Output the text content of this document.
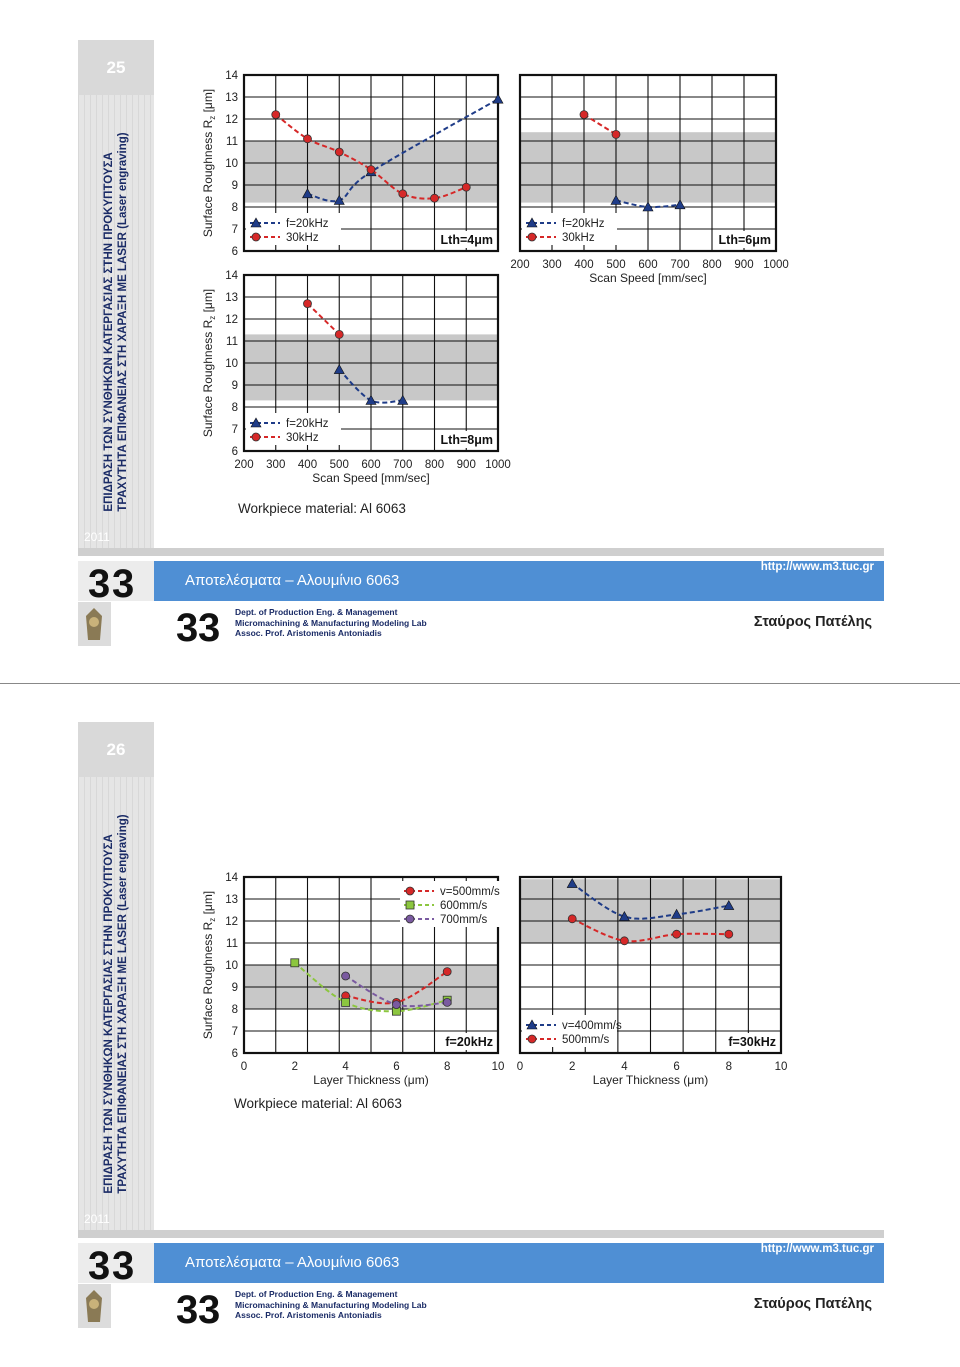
25
ΕΠΙΔΡΑΣΗ ΤΩΝ ΣΥΝΘΗΚΩΝ ΚΑΤΕΡΓΑΣΙΑΣ ΣΤΗΝ ΠΡΟΚΥΠΤΟΥΣΑ ΤΡΑΧΥΤΗΤΑ ΕΠΙΦΑΝΕΙΑΣ ΣΤΗ ΧΑΡΑΞΗ ΜΕ LASER (Laser engraving)
2011
6
7
8
9
10
11
12
13
14
Surface Roughness $R_z$ [μm]
f=20kHz
30kHz	Lth=4μm
200 300 400 500 600 700 800 900 1000
Scan Speed [mm/sec]
f=20kHz
30kHz	Lth=6μm
6
7
8
9
10
11
12
13
14
Surface Roughness $R_z$ [μm]
200 300 400 500 600 700 800 900 1000
Scan Speed [mm/sec]
f=20kHz
30kHz	Lth=8μm
Workpiece material: Al 6063
3 3	Αποτελέσματα – Αλουμίνιο 6063
http://www.m3.tuc.gr
3 3 Dept. of Production Eng. & Management
Micromachining & Manufacturing Modeling Lab
Assoc. Prof. Aristomenis Antoniadis
Σταύρος Πατέλης
26
ΕΠΙΔΡΑΣΗ ΤΩΝ ΣΥΝΘΗΚΩΝ ΚΑΤΕΡΓΑΣΙΑΣ ΣΤΗΝ ΠΡΟΚΥΠΤΟΥΣΑ ΤΡΑΧΥΤΗΤΑ ΕΠΙΦΑΝΕΙΑΣ ΣΤΗ ΧΑΡΑΞΗ ΜΕ LASER (Laser engraving)
2011
6
7
8
9
10
11
12
13
14
Surface Roughness $R_z$ [μm]
0	2	4	6	8	10
Layer Thickness (μm)
v=500mm/s
600mm/s
700mm/s
f=20kHz
0	2	4	6	8	10
Layer Thickness (μm)
v=400mm/s
500mm/s	f=30kHz
Workpiece material: Al 6063
3 3	Αποτελέσματα – Αλουμίνιο 6063
http://www.m3.tuc.gr
3 3 Dept. of Production Eng. & Management
Micromachining & Manufacturing Modeling Lab
Assoc. Prof. Aristomenis Antoniadis
Σταύρος Πατέλης
